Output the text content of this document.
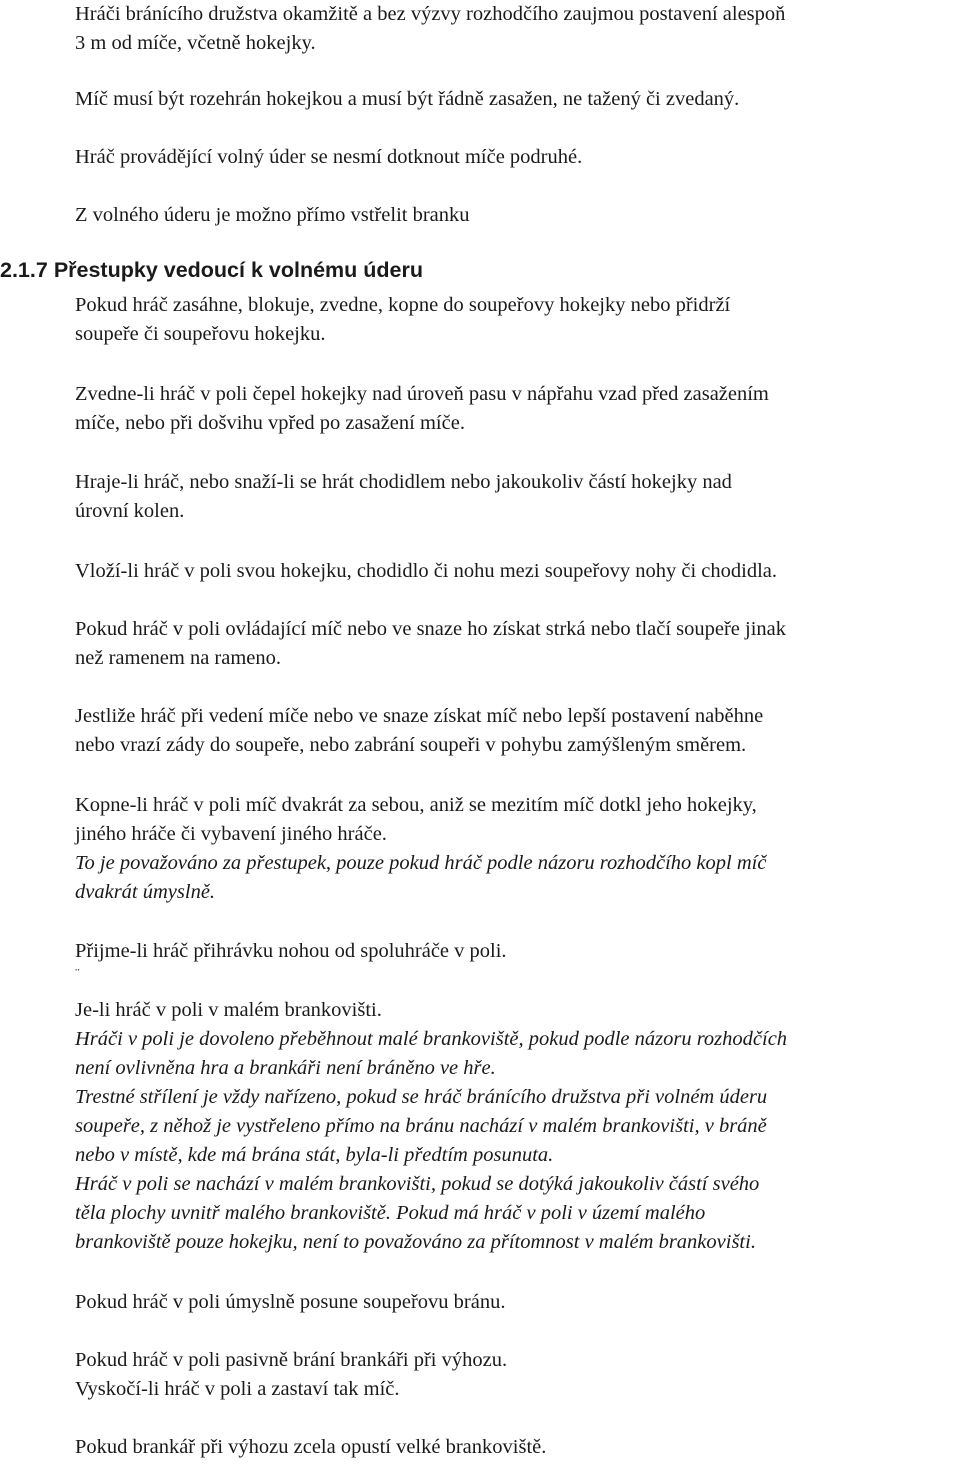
Hráči bránícího družstva okamžitě a bez výzvy rozhodčího zaujmou postavení alespoň
3 m od míče, včetně hokejky.
Míč musí být rozehrán hokejkou a musí být řádně zasažen, ne tažený či zvedaný.
Hráč provádějící volný úder se nesmí dotknout míče podruhé.
Z volného úderu je možno přímo vstřelit branku
2.1.7 Přestupky vedoucí k volnému úderu
Pokud hráč zasáhne, blokuje, zvedne, kopne do soupeřovy hokejky nebo přidrží
soupeře či soupeřovu hokejku.
Zvedne-li hráč v poli čepel hokejky nad úroveň pasu v nápřahu vzad před zasažením
míče, nebo při došvihu vpřed po zasažení míče.
Hraje-li hráč, nebo snaží-li se hrát chodidlem nebo jakoukoliv částí hokejky nad
úrovní kolen.
Vloží-li hráč v poli svou hokejku, chodidlo či nohu mezi soupeřovy nohy či chodidla.
Pokud hráč v poli ovládající míč nebo ve snaze ho získat strká nebo tlačí soupeře jinak
než ramenem na rameno.
Jestliže hráč při vedení míče nebo ve snaze získat míč nebo lepší postavení naběhne
nebo vrazí zády do soupeře, nebo zabrání soupeři v pohybu zamýšleným směrem.
Kopne-li hráč v poli míč dvakrát za sebou, aniž se mezitím míč dotkl jeho hokejky,
jiného hráče či vybavení jiného hráče.
To je považováno za přestupek, pouze pokud hráč podle názoru rozhodčího kopl míč
dvakrát úmyslně.
Přijme-li hráč přihrávku nohou od spoluhráče v poli.
¨
Je-li hráč v poli v malém brankovišti.
Hráči v poli je dovoleno přeběhnout malé brankoviště, pokud podle názoru rozhodčích
není ovlivněna hra a brankáři není bráněno ve hře.
Trestné střílení je vždy nařízeno, pokud se hráč bránícího družstva při volném úderu
soupeře, z něhož je vystřeleno přímo na bránu nachází v malém brankovišti, v bráně
nebo v místě, kde má brána stát, byla-li předtím posunuta.
Hráč v poli se nachází v malém brankovišti, pokud se dotýká jakoukoliv částí svého
těla plochy uvnitř malého brankoviště. Pokud má hráč v poli v území malého
brankoviště pouze hokejku, není to považováno za přítomnost v malém brankovišti.
Pokud hráč v poli úmyslně posune soupeřovu bránu.
Pokud hráč v poli pasivně brání brankáři při výhozu.
Vyskočí-li hráč v poli a zastaví tak míč.
Pokud brankář při výhozu zcela opustí velké brankoviště.
